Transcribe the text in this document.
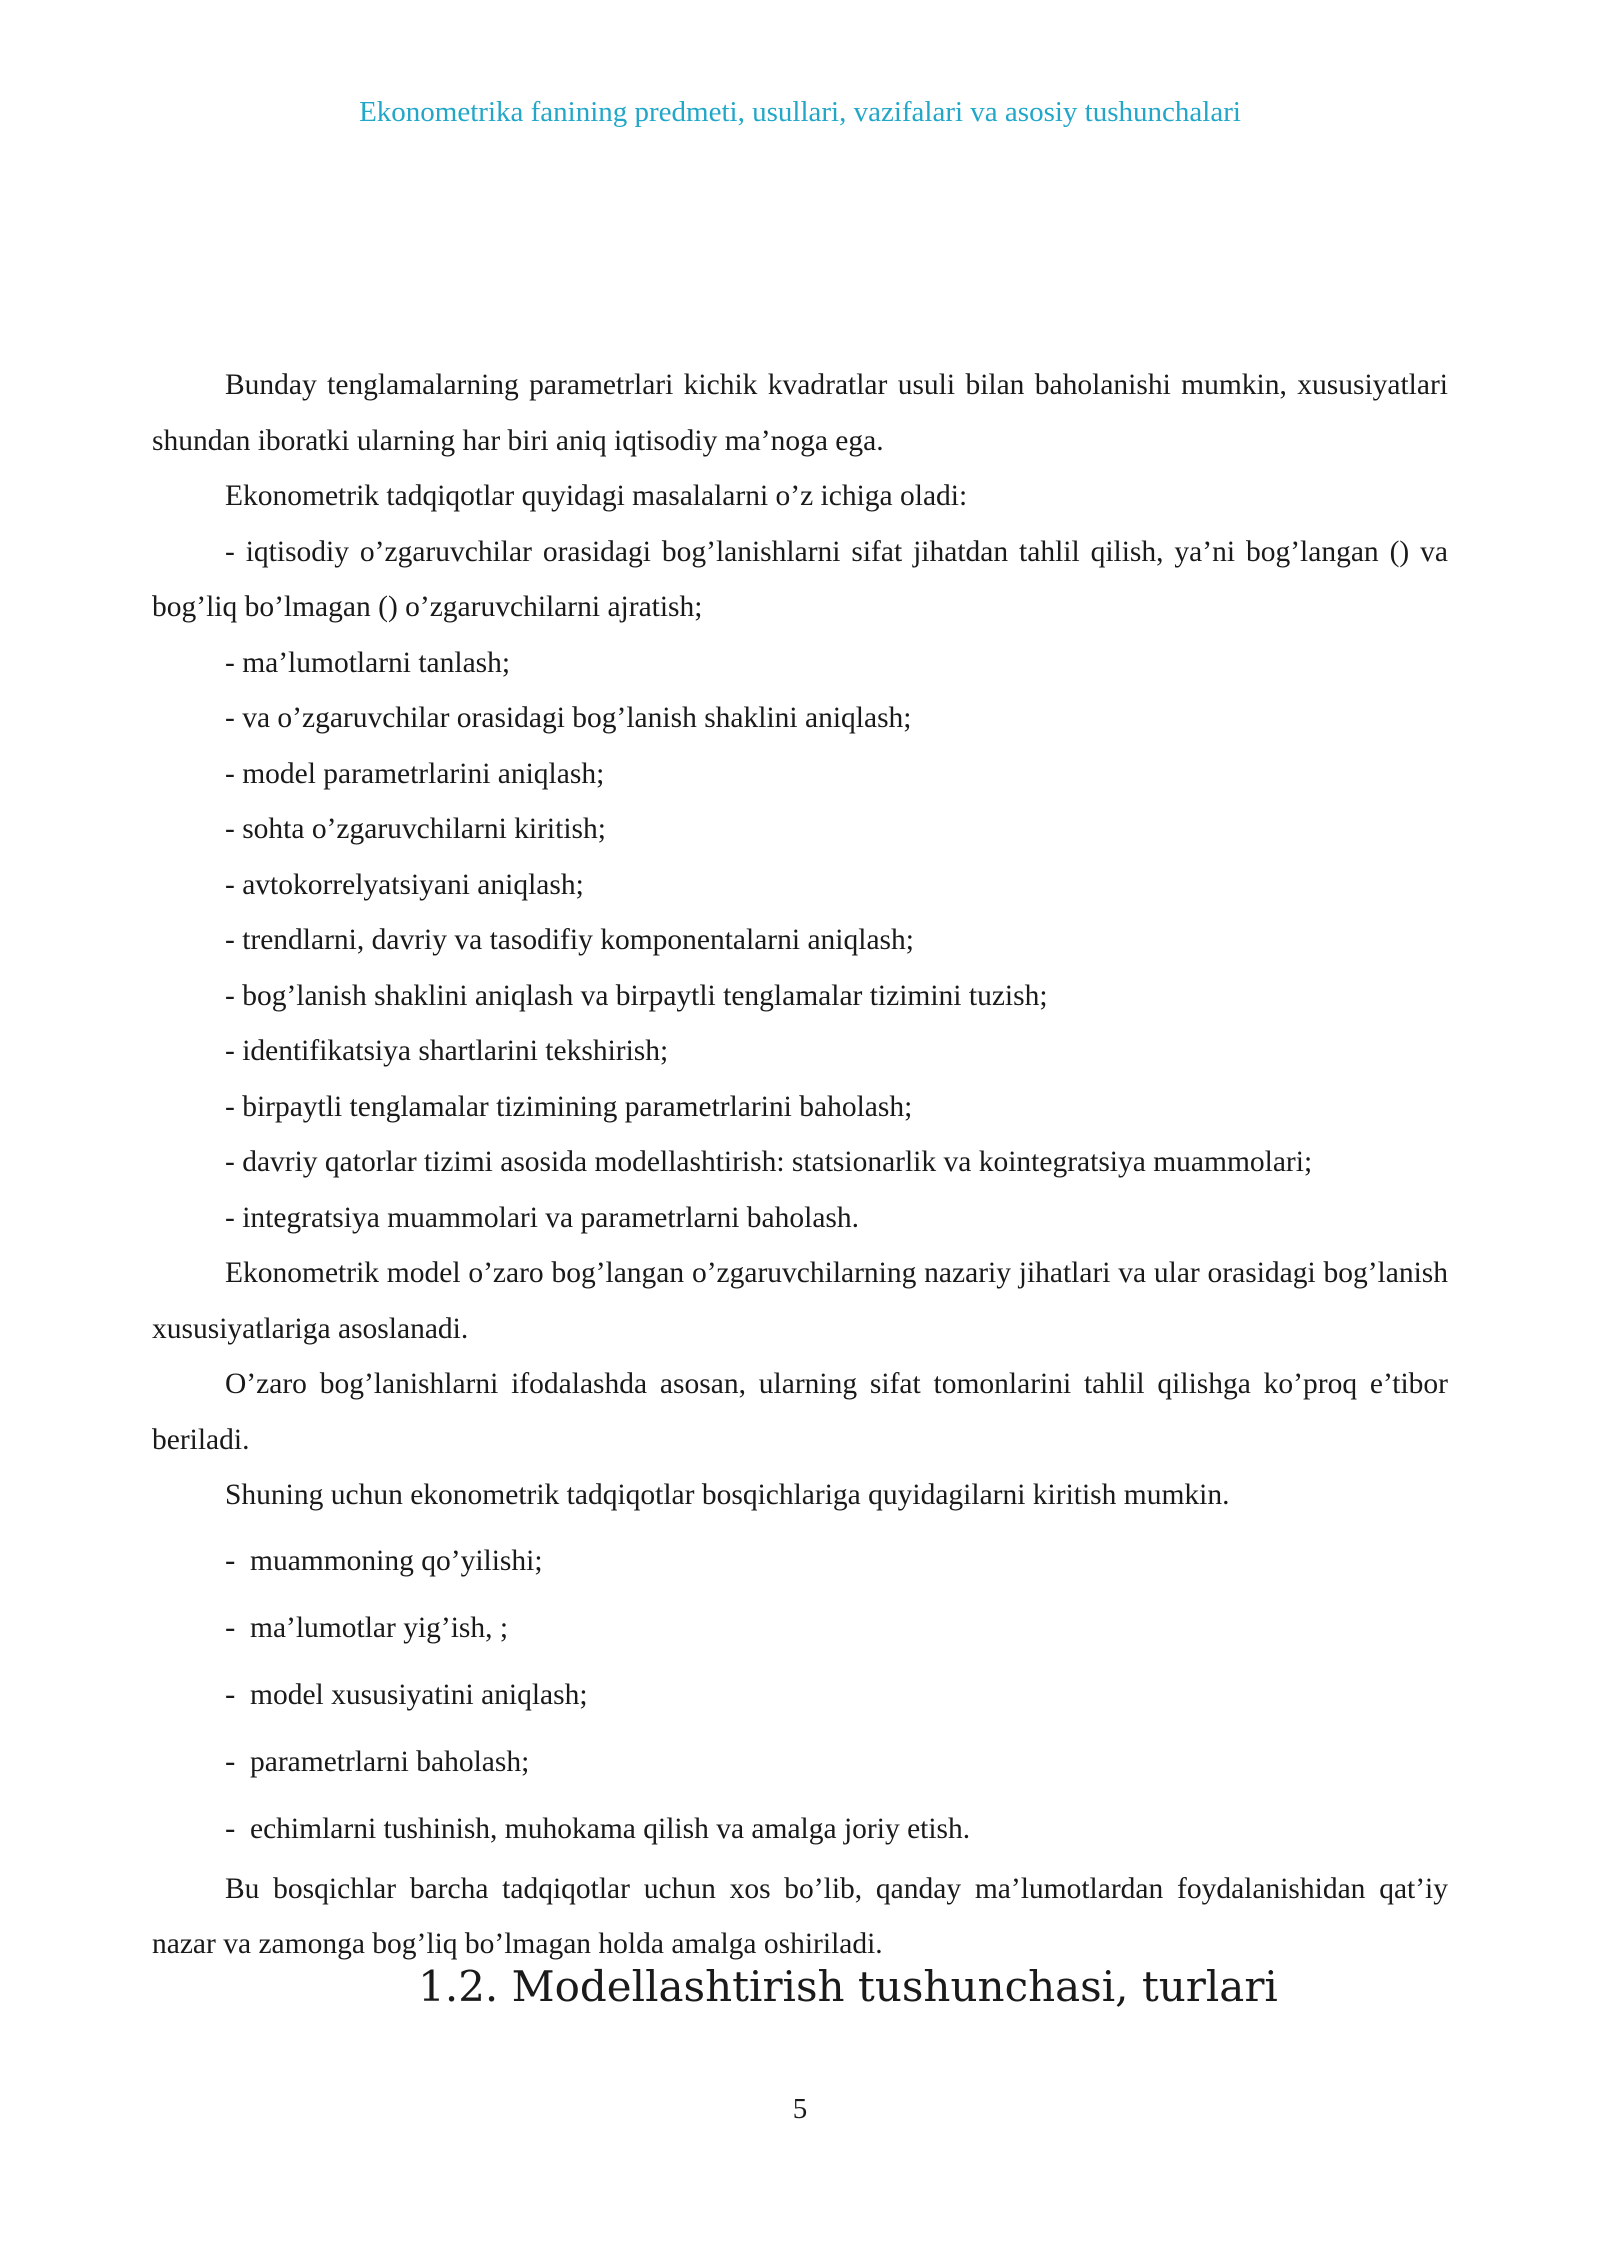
Ekonometrika fanining predmeti, usullari, vazifalari va asosiy tushunchalari

Bunday tenglamalarning parametrlari kichik kvadratlar usuli bilan baholanishi mumkin, xususiyatlari shundan iboratki ularning har biri aniq iqtisodiy ma’noga ega.

Ekonometrik tadqiqotlar quyidagi masalalarni o’z ichiga oladi:

- iqtisodiy o’zgaruvchilar orasidagi bog’lanishlarni sifat jihatdan tahlil qilish, ya’ni bog’langan () va bog’liq bo’lmagan () o’zgaruvchilarni ajratish;

- ma’lumotlarni tanlash;

- va o’zgaruvchilar orasidagi bog’lanish shaklini aniqlash;

- model parametrlarini aniqlash;

- sohta o’zgaruvchilarni kiritish;

- avtokorrelyatsiyani aniqlash;

- trendlarni, davriy va tasodifiy komponentalarni aniqlash;

- bog’lanish shaklini aniqlash va birpaytli tenglamalar tizimini tuzish;

- identifikatsiya shartlarini tekshirish;

- birpaytli tenglamalar tizimining parametrlarini baholash;

- davriy qatorlar tizimi asosida modellashtirish: statsionarlik va kointegratsiya muammolari;

- integratsiya muammolari va parametrlarni baholash.

Ekonometrik model o’zaro bog’langan o’zgaruvchilarning nazariy jihatlari va ular orasidagi bog’lanish xususiyatlariga asoslanadi.

O’zaro bog’lanishlarni ifodalashda asosan, ularning sifat tomonlarini tahlil qilishga ko’proq e’tibor beriladi.

Shuning uchun ekonometrik tadqiqotlar bosqichlariga quyidagilarni kiritish mumkin.

- muammoning qo’yilishi;

- ma’lumotlar yig’ish, ;

- model xususiyatini aniqlash;

- parametrlarni baholash;

- echimlarni tushinish, muhokama qilish va amalga joriy etish.

Bu bosqichlar barcha tadqiqotlar uchun xos bo’lib, qanday ma’lumotlardan foydalanishidan qat’iy nazar va zamonga bog’liq bo’lmagan holda amalga oshiriladi.

1.2. Modellashtirish tushunchasi, turlari
5
